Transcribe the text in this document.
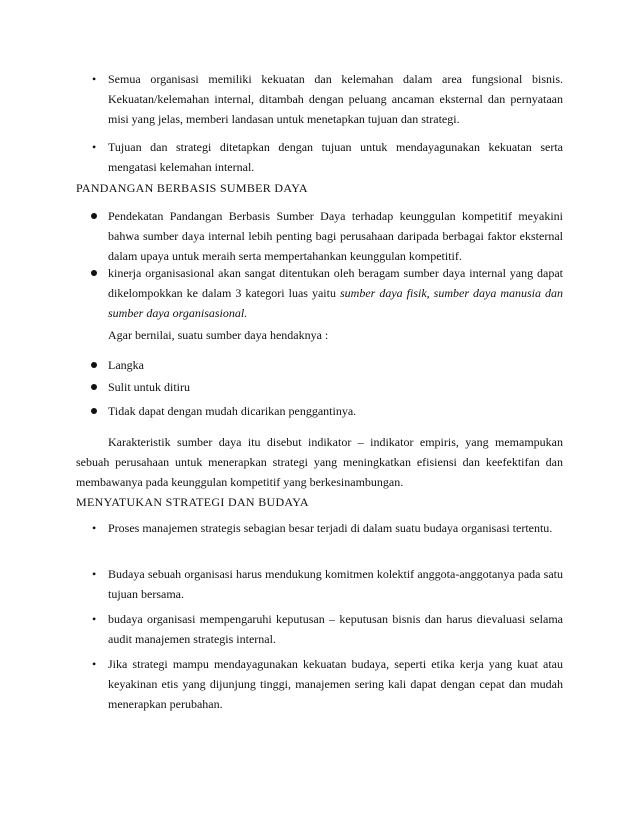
• Semua organisasi memiliki kekuatan dan kelemahan dalam area fungsional bisnis. Kekuatan/kelemahan internal, ditambah dengan peluang ancaman eksternal dan pernyataan misi yang jelas, memberi landasan untuk menetapkan tujuan dan strategi.
• Tujuan dan strategi ditetapkan dengan tujuan untuk mendayagunakan kekuatan serta mengatasi kelemahan internal.
PANDANGAN BERBASIS SUMBER DAYA
Pendekatan Pandangan Berbasis Sumber Daya terhadap keunggulan kompetitif meyakini bahwa sumber daya internal lebih penting bagi perusahaan daripada berbagai faktor eksternal dalam upaya untuk meraih serta mempertahankan keunggulan kompetitif.
kinerja organisasional akan sangat ditentukan oleh beragam sumber daya internal yang dapat dikelompokkan ke dalam 3 kategori luas yaitu sumber daya fisik, sumber daya manusia dan sumber daya organisasional.
Agar bernilai, suatu sumber daya hendaknya :
Langka
Sulit untuk ditiru
Tidak dapat dengan mudah dicarikan penggantinya.
Karakteristik sumber daya itu disebut indikator – indikator empiris, yang memampukan sebuah perusahaan untuk menerapkan strategi yang meningkatkan efisiensi dan keefektifan dan membawanya pada keunggulan kompetitif yang berkesinambungan.
MENYATUKAN STRATEGI DAN BUDAYA
• Proses manajemen strategis sebagian besar terjadi di dalam suatu budaya organisasi tertentu.
• Budaya sebuah organisasi harus mendukung komitmen kolektif anggota-anggotanya pada satu tujuan bersama.
• budaya organisasi mempengaruhi keputusan – keputusan bisnis dan harus dievaluasi selama audit manajemen strategis internal.
• Jika strategi mampu mendayagunakan kekuatan budaya, seperti etika kerja yang kuat atau keyakinan etis yang dijunjung tinggi, manajemen sering kali dapat dengan cepat dan mudah menerapkan perubahan.
